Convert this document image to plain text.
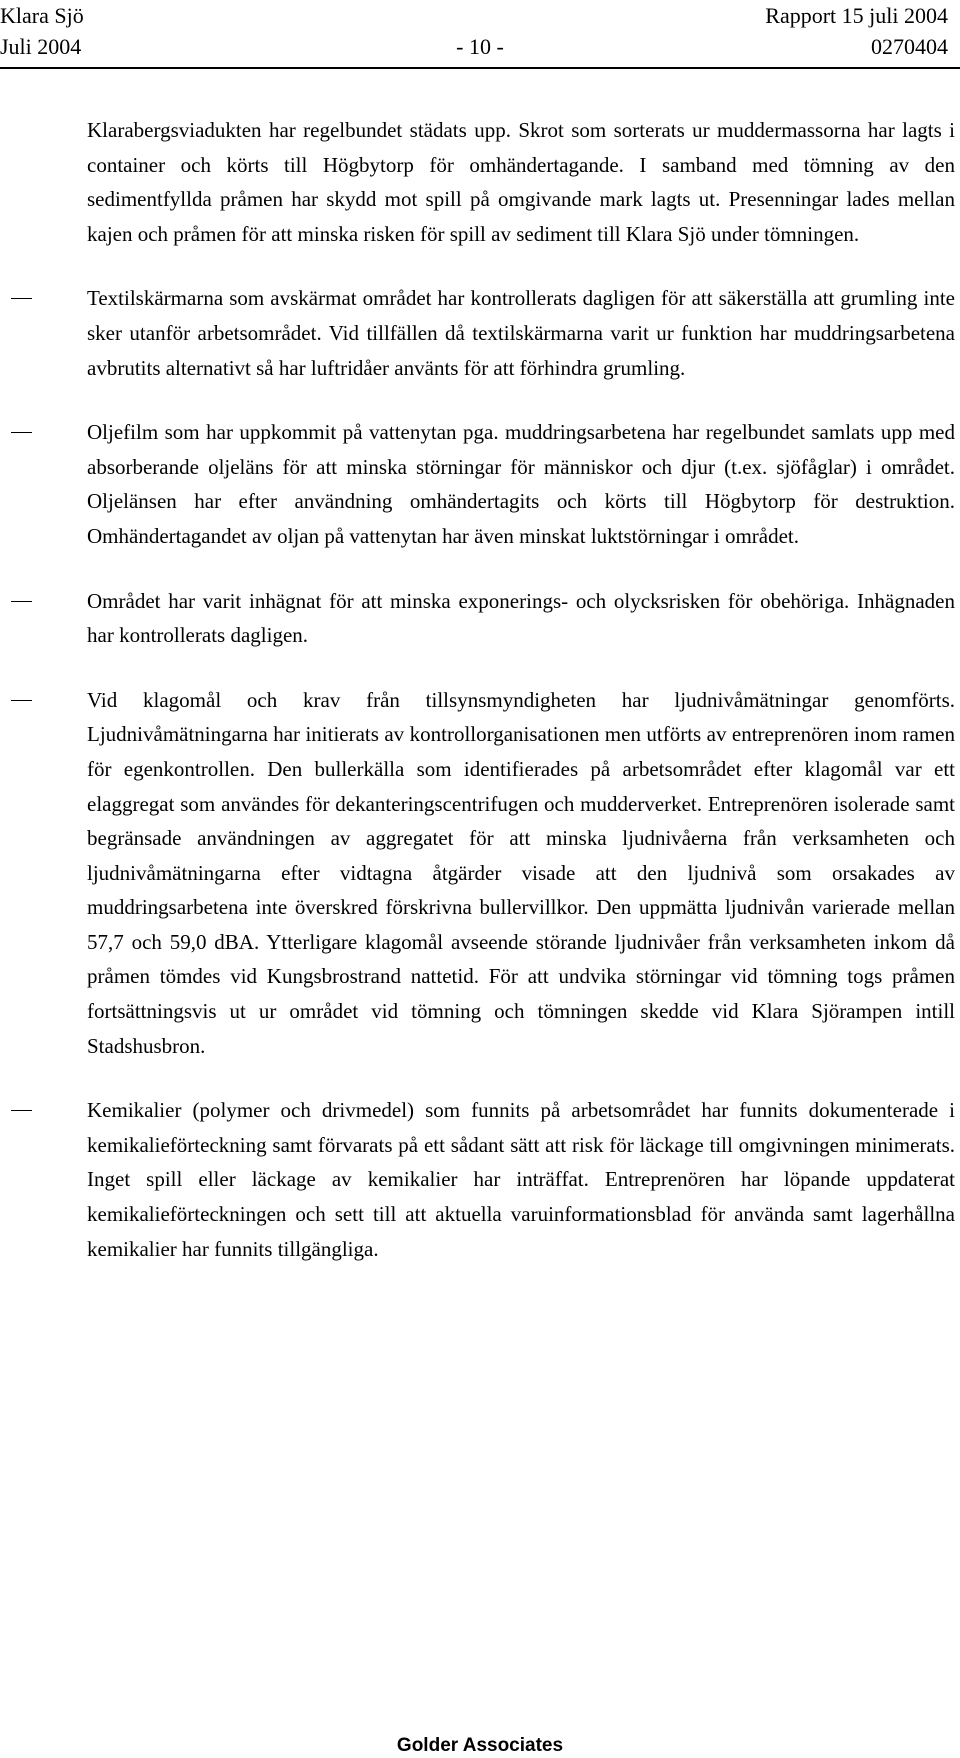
Klara Sjö	Rapport 15 juli 2004
Juli 2004	- 10 -	0270404

Klarabergsviadukten har regelbundet städats upp. Skrot som sorterats ur muddermassorna har lagts i container och körts till Högbytorp för omhändertagande. I samband med tömning av den sedimentfyllda pråmen har skydd mot spill på omgivande mark lagts ut. Presenningar lades mellan kajen och pråmen för att minska risken för spill av sediment till Klara Sjö under tömningen.

Textilskärmarna som avskärmat området har kontrollerats dagligen för att säkerställa att grumling inte sker utanför arbetsområdet. Vid tillfällen då textilskärmarna varit ur funktion har muddringsarbetena avbrutits alternativt så har luftridåer använts för att förhindra grumling.
Oljefilm som har uppkommit på vattenytan pga. muddringsarbetena har regelbundet samlats upp med absorberande oljeläns för att minska störningar för människor och djur (t.ex. sjöfåglar) i området. Oljelänsen har efter användning omhändertagits och körts till Högbytorp för destruktion. Omhändertagandet av oljan på vattenytan har även minskat luktstörningar i området.
Området har varit inhägnat för att minska exponerings- och olycksrisken för obehöriga. Inhägnaden har kontrollerats dagligen.
Vid klagomål och krav från tillsynsmyndigheten har ljudnivåmätningar genomförts. Ljudnivåmätningarna har initierats av kontrollorganisationen men utförts av entreprenören inom ramen för egenkontrollen. Den bullerkälla som identifierades på arbetsområdet efter klagomål var ett elaggregat som användes för dekanteringscentrifugen och mudderverket. Entreprenören isolerade samt begränsade användningen av aggregatet för att minska ljudnivåerna från verksamheten och ljudnivåmätningarna efter vidtagna åtgärder visade att den ljudnivå som orsakades av muddringsarbetena inte överskred förskrivna bullervillkor. Den uppmätta ljudnivån varierade mellan 57,7 och 59,0 dBA. Ytterligare klagomål avseende störande ljudnivåer från verksamheten inkom då pråmen tömdes vid Kungsbrostrand nattetid. För att undvika störningar vid tömning togs pråmen fortsättningsvis ut ur området vid tömning och tömningen skedde vid Klara Sjörampen intill Stadshusbron.
Kemikalier (polymer och drivmedel) som funnits på arbetsområdet har funnits dokumenterade i kemikalieförteckning samt förvarats på ett sådant sätt att risk för läckage till omgivningen minimerats. Inget spill eller läckage av kemikalier har inträffat. Entreprenören har löpande uppdaterat kemikalieförteckningen och sett till att aktuella varuinformationsblad för använda samt lagerhållna kemikalier har funnits tillgängliga.
Golder Associates
